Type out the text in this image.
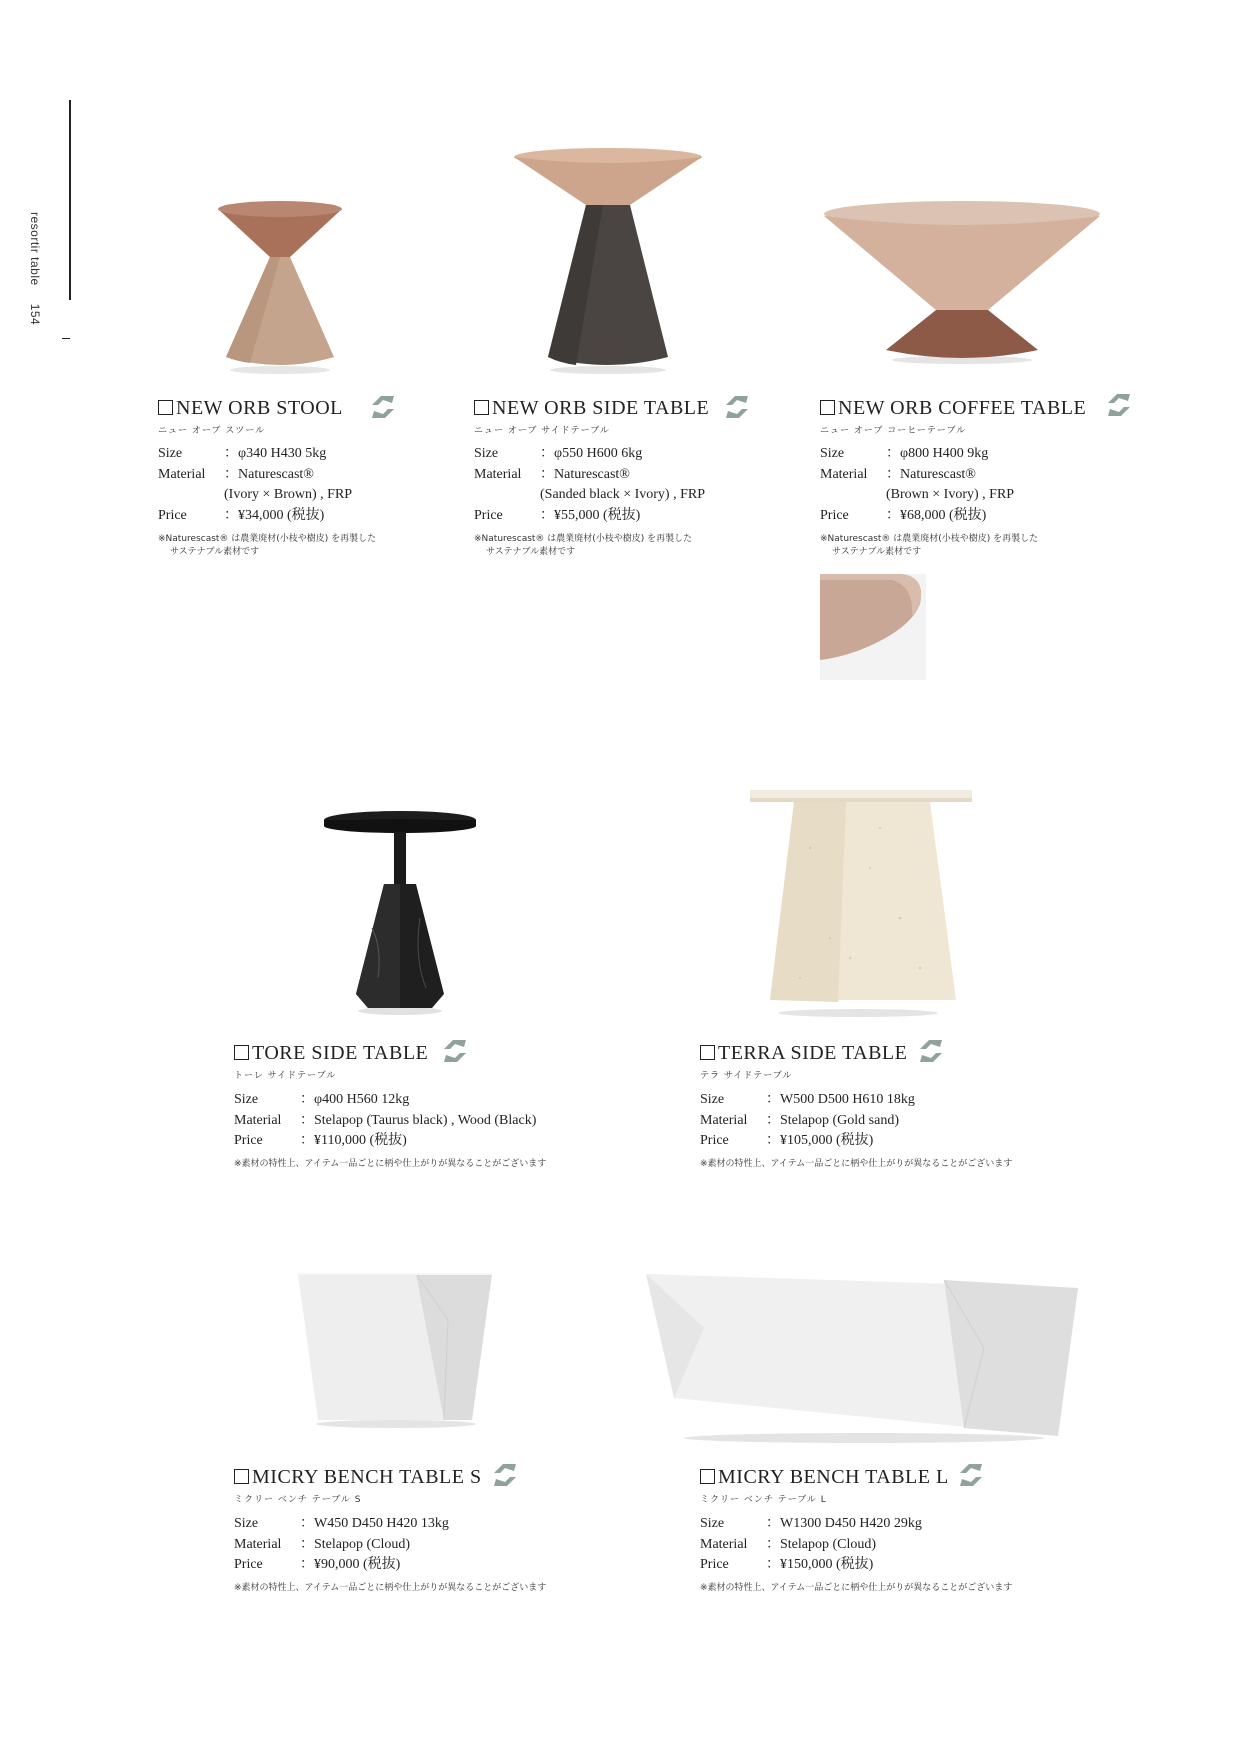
resortir table154
NEW ORB STOOL
ニュー オーブ スツール
Size	：φ340 H430 5kg
Material	：Naturescast®
(Ivory × Brown) , FRP
Price	：¥34,000 (税抜)
※Naturescast® は農業廃材(小枝や樹皮) を再製した
サステナブル素材です
NEW ORB SIDE TABLE
ニュー オーブ サイドテーブル
Size	：φ550 H600 6kg
Material	：Naturescast®
(Sanded black × Ivory) , FRP
Price	：¥55,000 (税抜)
※Naturescast® は農業廃材(小枝や樹皮) を再製した
サステナブル素材です
NEW ORB COFFEE TABLE
ニュー オーブ コーヒーテーブル
Size	：φ800 H400 9kg
Material	：Naturescast®
(Brown × Ivory) , FRP
Price	：¥68,000 (税抜)
※Naturescast® は農業廃材(小枝や樹皮) を再製した
サステナブル素材です
TORE SIDE TABLE
トーレ サイドテーブル
Size	：φ400 H560 12kg
Material	：Stelapop (Taurus black) , Wood (Black)
Price	：¥110,000 (税抜)
※素材の特性上、アイテム一品ごとに柄や仕上がりが異なることがございます
TERRA SIDE TABLE
テラ サイドテーブル
Size	：W500 D500 H610 18kg
Material	：Stelapop (Gold sand)
Price	：¥105,000 (税抜)
※素材の特性上、アイテム一品ごとに柄や仕上がりが異なることがございます
MICRY BENCH TABLE S
ミクリー ベンチ テーブル S
Size	：W450 D450 H420 13kg
Material	：Stelapop (Cloud)
Price	：¥90,000 (税抜)
※素材の特性上、アイテム一品ごとに柄や仕上がりが異なることがございます
MICRY BENCH TABLE L
ミクリー ベンチ テーブル L
Size	：W1300 D450 H420 29kg
Material	：Stelapop (Cloud)
Price	：¥150,000 (税抜)
※素材の特性上、アイテム一品ごとに柄や仕上がりが異なることがございます
